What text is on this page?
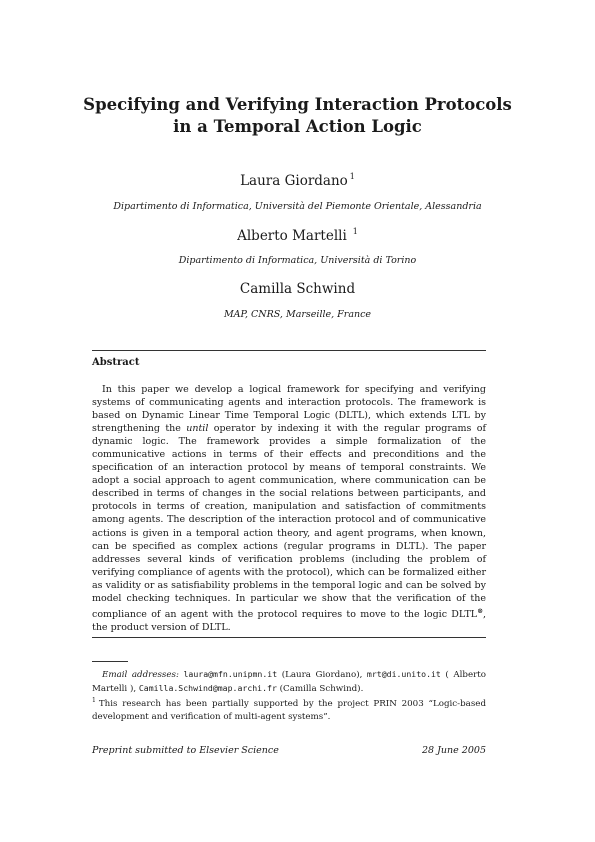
Specifying and Verifying Interaction Protocols
in a Temporal Action Logic
Laura Giordano $^1$
Dipartimento di Informatica, Università del Piemonte Orientale, Alessandria
Alberto Martelli $^1$
Dipartimento di Informatica, Università di Torino
Camilla Schwind
MAP, CNRS, Marseille, France
Abstract

In this paper we develop a logical framework for specifying and verifying systems of communicating agents and interaction protocols. The framework is based on Dynamic Linear Time Temporal Logic (DLTL), which extends LTL by strengthening the until operator by indexing it with the regular programs of dynamic logic. The framework provides a simple formalization of the communicative actions in terms of their effects and preconditions and the specification of an interaction protocol by means of temporal constraints. We adopt a social approach to agent communication, where communication can be described in terms of changes in the social relations between participants, and protocols in terms of creation, manipulation and satisfaction of commitments among agents. The description of the interaction protocol and of communicative actions is given in a temporal action theory, and agent programs, when known, can be specified as complex actions (regular programs in DLTL). The paper addresses several kinds of verification problems (including the problem of verifying compliance of agents with the protocol), which can be formalized either as validity or as satisfiability problems in the temporal logic and can be solved by model checking techniques. In particular we show that the verification of the compliance of an agent with the protocol requires to move to the logic DLTL⊗, the product version of DLTL.

Email addresses: laura@mfn.unipmn.it (Laura Giordano), mrt@di.unito.it ( Alberto Martelli ), Camilla.Schwind@map.archi.fr (Camilla Schwind).

$^1$ This research has been partially supported by the project PRIN 2003 “Logic-based development and verification of multi-agent systems”.

Preprint submitted to Elsevier Science	28 June 2005
